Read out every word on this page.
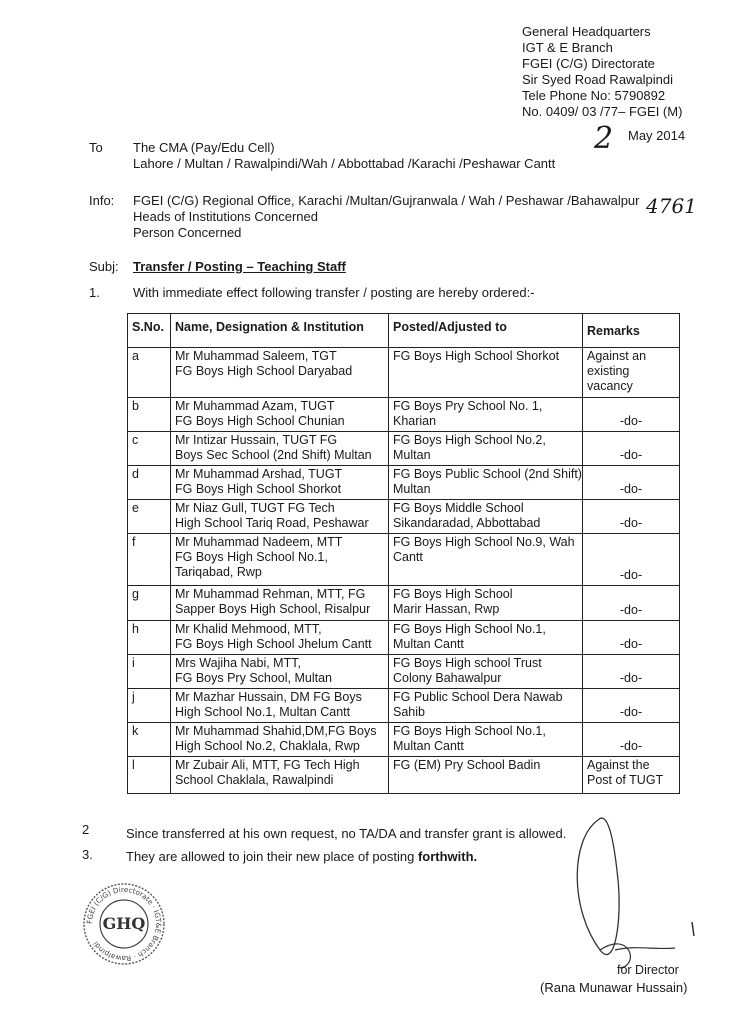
General Headquarters
IGT & E Branch
FGEI (C/G) Directorate
Sir Syed Road Rawalpindi
Tele Phone No: 5790892
No. 0409/ 03 /77– FGEI (M)
2 May 2014
To The CMA (Pay/Edu Cell)
Lahore / Multan / Rawalpindi/Wah / Abbottabad /Karachi /Peshawar Cantt
Info: FGEI (C/G) Regional Office, Karachi /Multan/Gujranwala / Wah / Peshawar /Bahawalpur
Heads of Institutions Concerned
Person Concerned
4761
Subj: Transfer / Posting – Teaching Staff
1.	With immediate effect following transfer / posting are hereby ordered:-
S.No.	Name, Designation & Institution	Posted/Adjusted to	Remarks
a	Mr Muhammad Saleem, TGT
FG Boys High School Daryabad	FG Boys High School Shorkot	Against an
existing
vacancy

b	Mr Muhammad Azam, TUGT
FG Boys High School Chunian	FG Boys Pry School No. 1,
Kharian	-do-

c	Mr Intizar Hussain, TUGT FG
Boys Sec School (2nd Shift) Multan	FG Boys High School No.2,
Multan	-do-

d	Mr Muhammad Arshad, TUGT
FG Boys High School Shorkot	FG Boys Public School (2nd Shift)
Multan	-do-

e	Mr Niaz Gull, TUGT FG Tech
High School Tariq Road, Peshawar	FG Boys Middle School
Sikandaradad, Abbottabad	-do-

f	Mr Muhammad Nadeem, MTT
FG Boys High School No.1,
Tariqabad, Rwp	FG Boys High School No.9, Wah
Cantt	-do-

g	Mr Muhammad Rehman, MTT, FG
Sapper Boys High School, Risalpur	FG Boys High School
Marir Hassan, Rwp	-do-

h	Mr Khalid Mehmood, MTT,
FG Boys High School Jhelum Cantt	FG Boys High School No.1,
Multan Cantt	-do-

i	Mrs Wajiha Nabi, MTT,
FG Boys Pry School, Multan	FG Boys High school Trust
Colony Bahawalpur	-do-

j	Mr Mazhar Hussain, DM FG Boys
High School No.1, Multan Cantt	FG Public School Dera Nawab
Sahib	-do-

k	Mr Muhammad Shahid,DM,FG Boys
High School No.2, Chaklala, Rwp	FG Boys High School No.1,
Multan Cantt	-do-

l	Mr Zubair Ali, MTT, FG Tech High
School Chaklala, Rawalpindi	FG (EM) Pry School Badin	Against the
Post of TUGT
2	Since transferred at his own request, no TA/DA and transfer grant is allowed.
3.	They are allowed to join their new place of posting forthwith.
FGEI (C/G) Directorate · IGT&E Branch · Rawalpindi
GHQ
for Director
(Rana Munawar Hussain)
